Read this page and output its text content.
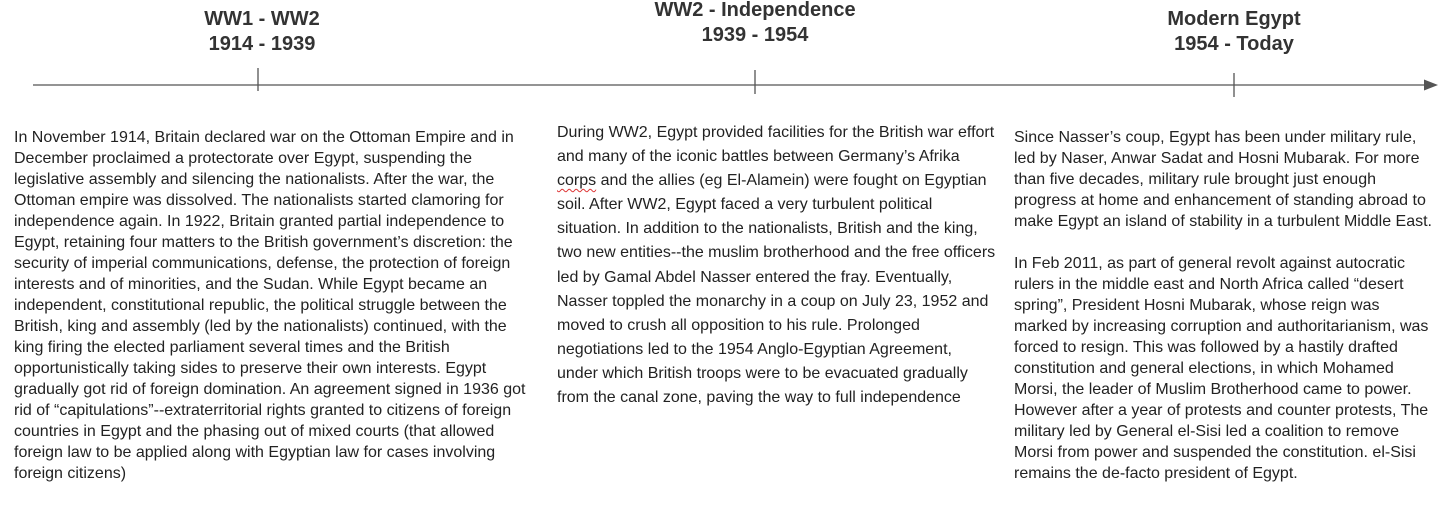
WW1 - WW2
1914 - 1939
WW2 - Independence
1939 - 1954
Modern Egypt
1954 - Today

In November 1914, Britain declared war on the Ottoman Empire and in December proclaimed a protectorate over Egypt, suspending the legislative assembly and silencing the nationalists. After the war, the Ottoman empire was dissolved. The nationalists started clamoring for independence again. In 1922, Britain granted partial independence to Egypt, retaining four matters to the British government’s discretion: the security of imperial communications, defense, the protection of foreign interests and of minorities, and the Sudan. While Egypt became an independent, constitutional republic, the political struggle between the British, king and assembly (led by the nationalists) continued, with the king firing the elected parliament several times and the British opportunistically taking sides to preserve their own interests. Egypt gradually got rid of foreign domination. An agreement signed in 1936 got rid of “capitulations”--extraterritorial rights granted to citizens of foreign countries in Egypt and the phasing out of mixed courts (that allowed foreign law to be applied along with Egyptian law for cases involving foreign citizens)

During WW2, Egypt provided facilities for the British war effort and many of the iconic battles between Germany’s Afrika corps and the allies (eg El-Alamein) were fought on Egyptian soil. After WW2, Egypt faced a very turbulent political situation. In addition to the nationalists, British and the king, two new entities--the muslim brotherhood and the free officers led by Gamal Abdel Nasser entered the fray. Eventually, Nasser toppled the monarchy in a coup on July 23, 1952 and moved to crush all opposition to his rule. Prolonged negotiations led to the 1954 Anglo-Egyptian Agreement, under which British troops were to be evacuated gradually from the canal zone, paving the way to full independence

Since Nasser’s coup, Egypt has been under military rule, led by Naser, Anwar Sadat and Hosni Mubarak. For more than five decades, military rule brought just enough progress at home and enhancement of standing abroad to make Egypt an island of stability in a turbulent Middle East.

In Feb 2011, as part of general revolt against autocratic rulers in the middle east and North Africa called “desert spring”, President Hosni Mubarak, whose reign was marked by increasing corruption and authoritarianism, was forced to resign. This was followed by a hastily drafted constitution and general elections, in which Mohamed Morsi, the leader of Muslim Brotherhood came to power. However after a year of protests and counter protests, The military led by General el-Sisi led a coalition to remove Morsi from power and suspended the constitution. el-Sisi remains the de-facto president of Egypt.
